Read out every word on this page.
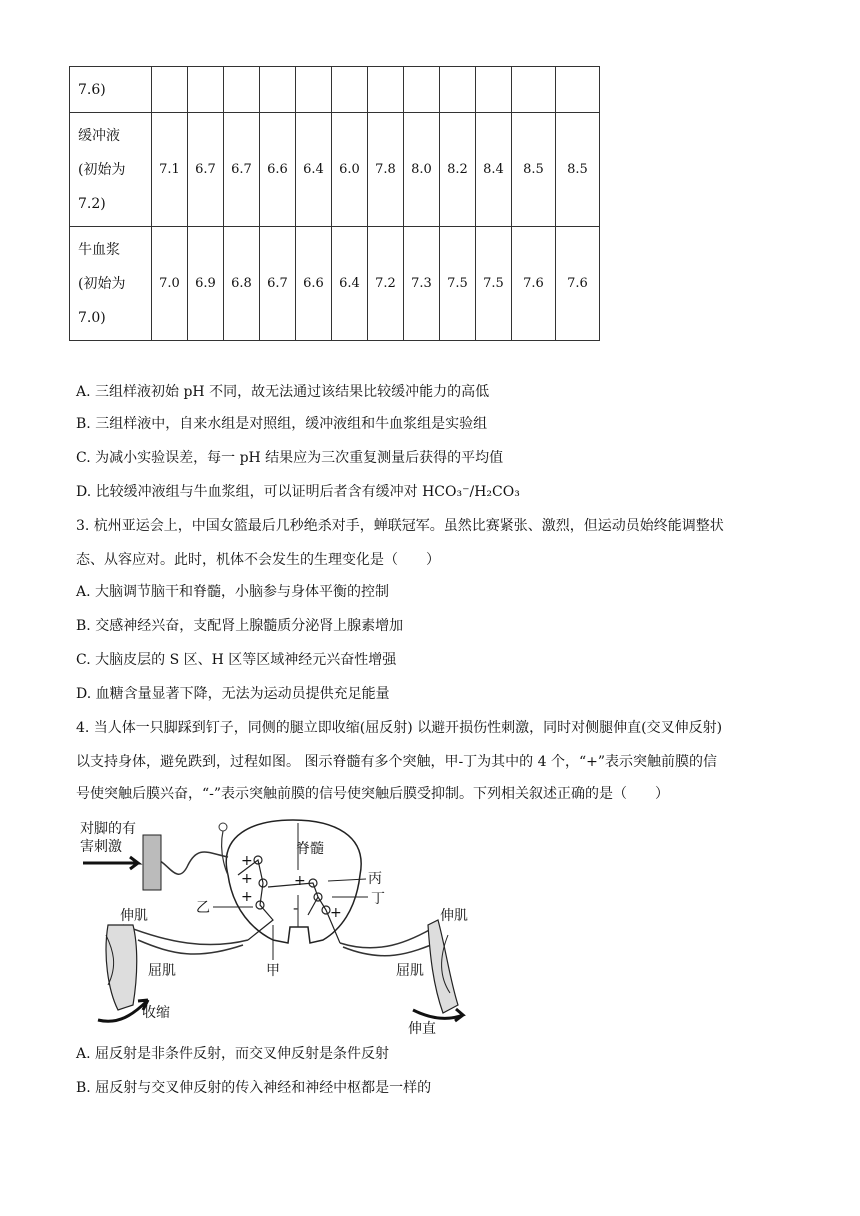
7.6)												

缓冲液
(初始为
7.2)	7.1	6.7	6.7	6.6	6.4	6.0	7.8	8.0	8.2	8.4	8.5	8.5

牛血浆
(初始为
7.0)	7.0	6.9	6.8	6.7	6.6	6.4	7.2	7.3	7.5	7.5	7.6	7.6
A. 三组样液初始 pH 不同，故无法通过该结果比较缓冲能力的高低
B. 三组样液中，自来水组是对照组，缓冲液组和牛血浆组是实验组
C. 为减小实验误差，每一 pH 结果应为三次重复测量后获得的平均值
D. 比较缓冲液组与牛血浆组，可以证明后者含有缓冲对 HCO₃⁻/H₂CO₃
3. 杭州亚运会上，中国女篮最后几秒绝杀对手，蝉联冠军。虽然比赛紧张、激烈，但运动员始终能调整状
态、从容应对。此时，机体不会发生的生理变化是（　　）
A. 大脑调节脑干和脊髓，小脑参与身体平衡的控制
B. 交感神经兴奋，支配肾上腺髓质分泌肾上腺素增加
C. 大脑皮层的 S 区、H 区等区域神经元兴奋性增强
D. 血糖含量显著下降，无法为运动员提供充足能量
4. 当人体一只脚踩到钉子，同侧的腿立即收缩(屈反射) 以避开损伤性刺激，同时对侧腿伸直(交叉伸反射)
以支持身体，避免跌到，过程如图。 图示脊髓有多个突触，甲-丁为其中的 4 个，“+”表示突触前膜的信
号使突触后膜兴奋，“-”表示突触前膜的信号使突触后膜受抑制。下列相关叙述正确的是（　　）
对脚的有
害刺激	脊髓
丙
丁
乙
甲
伸肌
屈肌
收缩
伸肌
屈肌
伸直
+
+
+
+
- +
A. 屈反射是非条件反射，而交叉伸反射是条件反射
B. 屈反射与交叉伸反射的传入神经和神经中枢都是一样的
